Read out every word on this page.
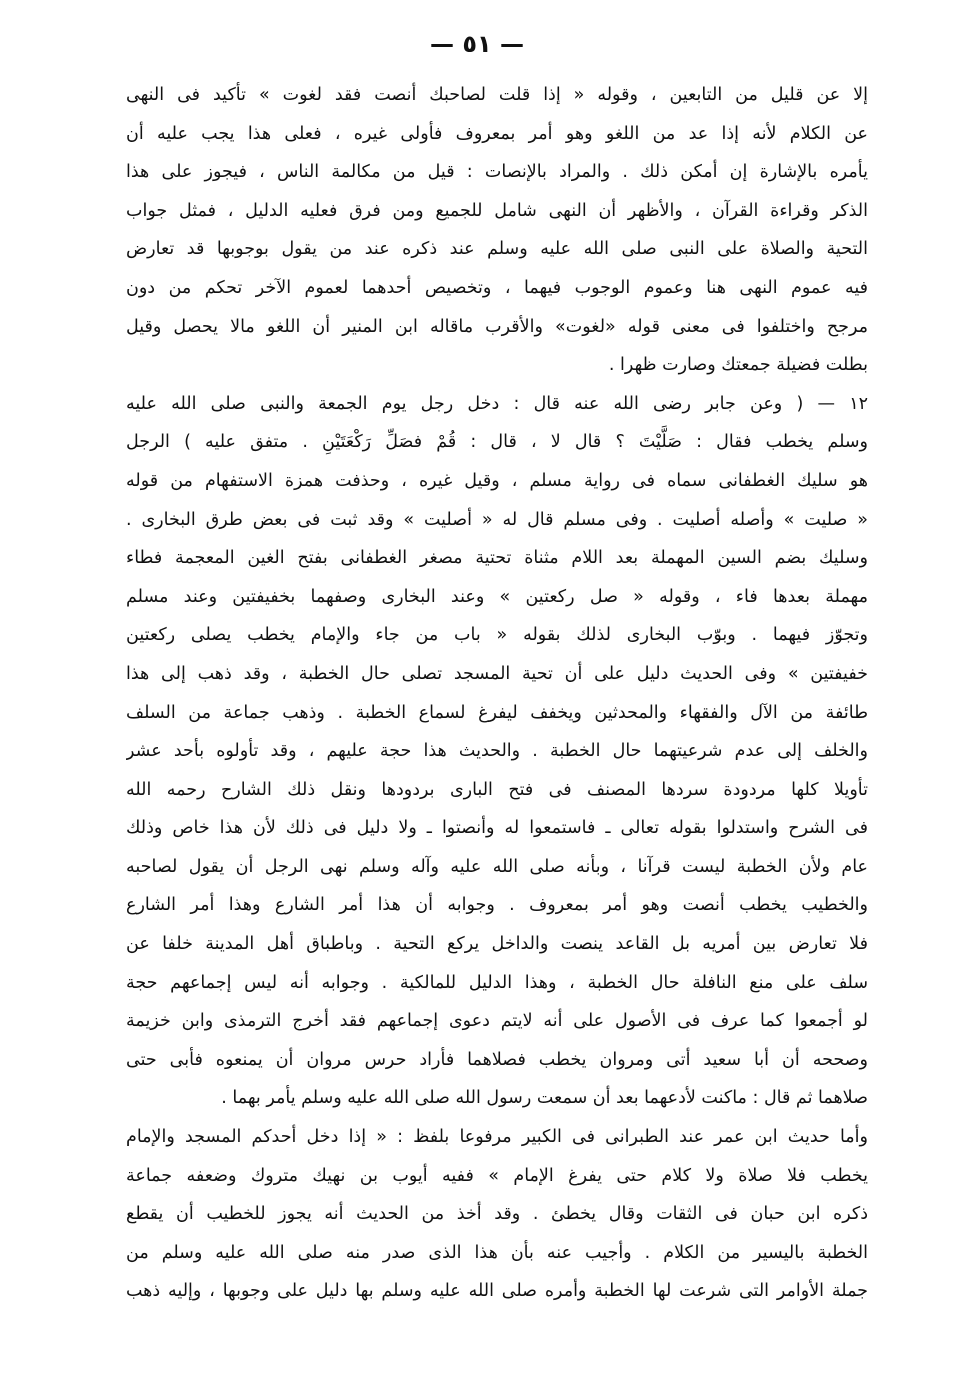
— ٥١ —
إلا عن قليل من التابعين ، وقوله « إذا قلت لصاحبك أنصت فقد لغوت » تأكيد فى النهى
عن الكلام لأنه إذا عد من اللغو وهو أمر بمعروف فأولى غيره ، فعلى هذا يجب عليه أن
يأمره بالإشارة إن أمكن ذلك . والمراد بالإنصات : قيل من مكالمة الناس ، فيجوز على هذا
الذكر وقراءة القرآن ، والأظهر أن النهى شامل للجميع ومن فرق فعليه الدليل ، فمثل جواب
التحية والصلاة على النبى صلى الله عليه وسلم عند ذكره عند من يقول بوجوبها قد تعارض
فيه عموم النهى هنا وعموم الوجوب فيهما ، وتخصيص أحدهما لعموم الآخر تحكم من دون
مرجح واختلفوا فى معنى قوله «لغوت» والأقرب ماقاله ابن المنير أن اللغو مالا يحصل وقيل
بطلت فضيلة جمعتك وصارت ظهرا .
١٢ — ( وعن جابر رضى الله عنه قال : دخل رجل يوم الجمعة والنبى صلى الله عليه
وسلم يخطب فقال : صَلَّيْتَ ؟ قال لا ، قال : قُمْ فصَلِّ رَكْعَتَيْنِ . متفق عليه ) الرجل
هو سليك الغطفانى سماه فى رواية مسلم ، وقيل غيره ، وحذفت همزة الاستفهام من قوله
« صليت » وأصله أصليت . وفى مسلم قال له « أصليت » وقد ثبت فى بعض طرق البخارى .
وسليك بضم السين المهملة بعد اللام مثناة تحتية مصغر الغطفانى بفتح الغين المعجمة فطاء
مهملة بعدها فاء ، وقوله « صل ركعتين » وعند البخارى وصفهما بخفيفتين وعند مسلم
وتجوّز فيهما . وبوّب البخارى لذلك بقوله « باب من جاء والإمام يخطب يصلى ركعتين
خفيفتين » وفى الحديث دليل على أن تحية المسجد تصلى حال الخطبة ، وقد ذهب إلى هذا
طائفة من الآل والفقهاء والمحدثين ويخفف ليفرغ لسماع الخطبة . وذهب جماعة من السلف
والخلف إلى عدم شرعيتهما حال الخطبة . والحديث هذا حجة عليهم ، وقد تأولوه بأحد عشر
تأويلا كلها مردودة سردها المصنف فى فتح البارى بردودها ونقل ذلك الشارح رحمه الله
فى الشرح واستدلوا بقوله تعالى ـ فاستمعوا له وأنصتوا ـ ولا دليل فى ذلك لأن هذا خاص وذلك
عام ولأن الخطبة ليست قرآنا ، وبأنه صلى الله عليه وآله وسلم نهى الرجل أن يقول لصاحبه
والخطيب يخطب أنصت وهو أمر بمعروف . وجوابه أن هذا أمر الشارع وهذا أمر الشارع
فلا تعارض بين أمريه بل القاعد ينصت والداخل يركع التحية . وباطباق أهل المدينة خلفا عن
سلف على منع النافلة حال الخطبة ، وهذا الدليل للمالكية . وجوابه أنه ليس إجماعهم حجة
لو أجمعوا كما عرف فى الأصول على أنه لايتم دعوى إجماعهم فقد أخرج الترمذى وابن خزيمة
وصححه أن أبا سعيد أتى ومروان يخطب فصلاهما فأراد حرس مروان أن يمنعوه فأبى حتى
صلاهما ثم قال : ماكنت لأدعهما بعد أن سمعت رسول الله صلى الله عليه وسلم يأمر بهما .
وأما حديث ابن عمر عند الطبرانى فى الكبير مرفوعا بلفظ : « إذا دخل أحدكم المسجد والإمام
يخطب فلا صلاة ولا كلام حتى يفرغ الإمام » ففيه أيوب بن نهيك متروك وضعفه جماعة
ذكره ابن حبان فى الثقات وقال يخطئ . وقد أخذ من الحديث أنه يجوز للخطيب أن يقطع
الخطبة باليسير من الكلام . وأجيب عنه بأن هذا الذى صدر منه صلى الله عليه وسلم من
جملة الأوامر التى شرعت لها الخطبة وأمره صلى الله عليه وسلم بها دليل على وجوبها ، وإليه ذهب
